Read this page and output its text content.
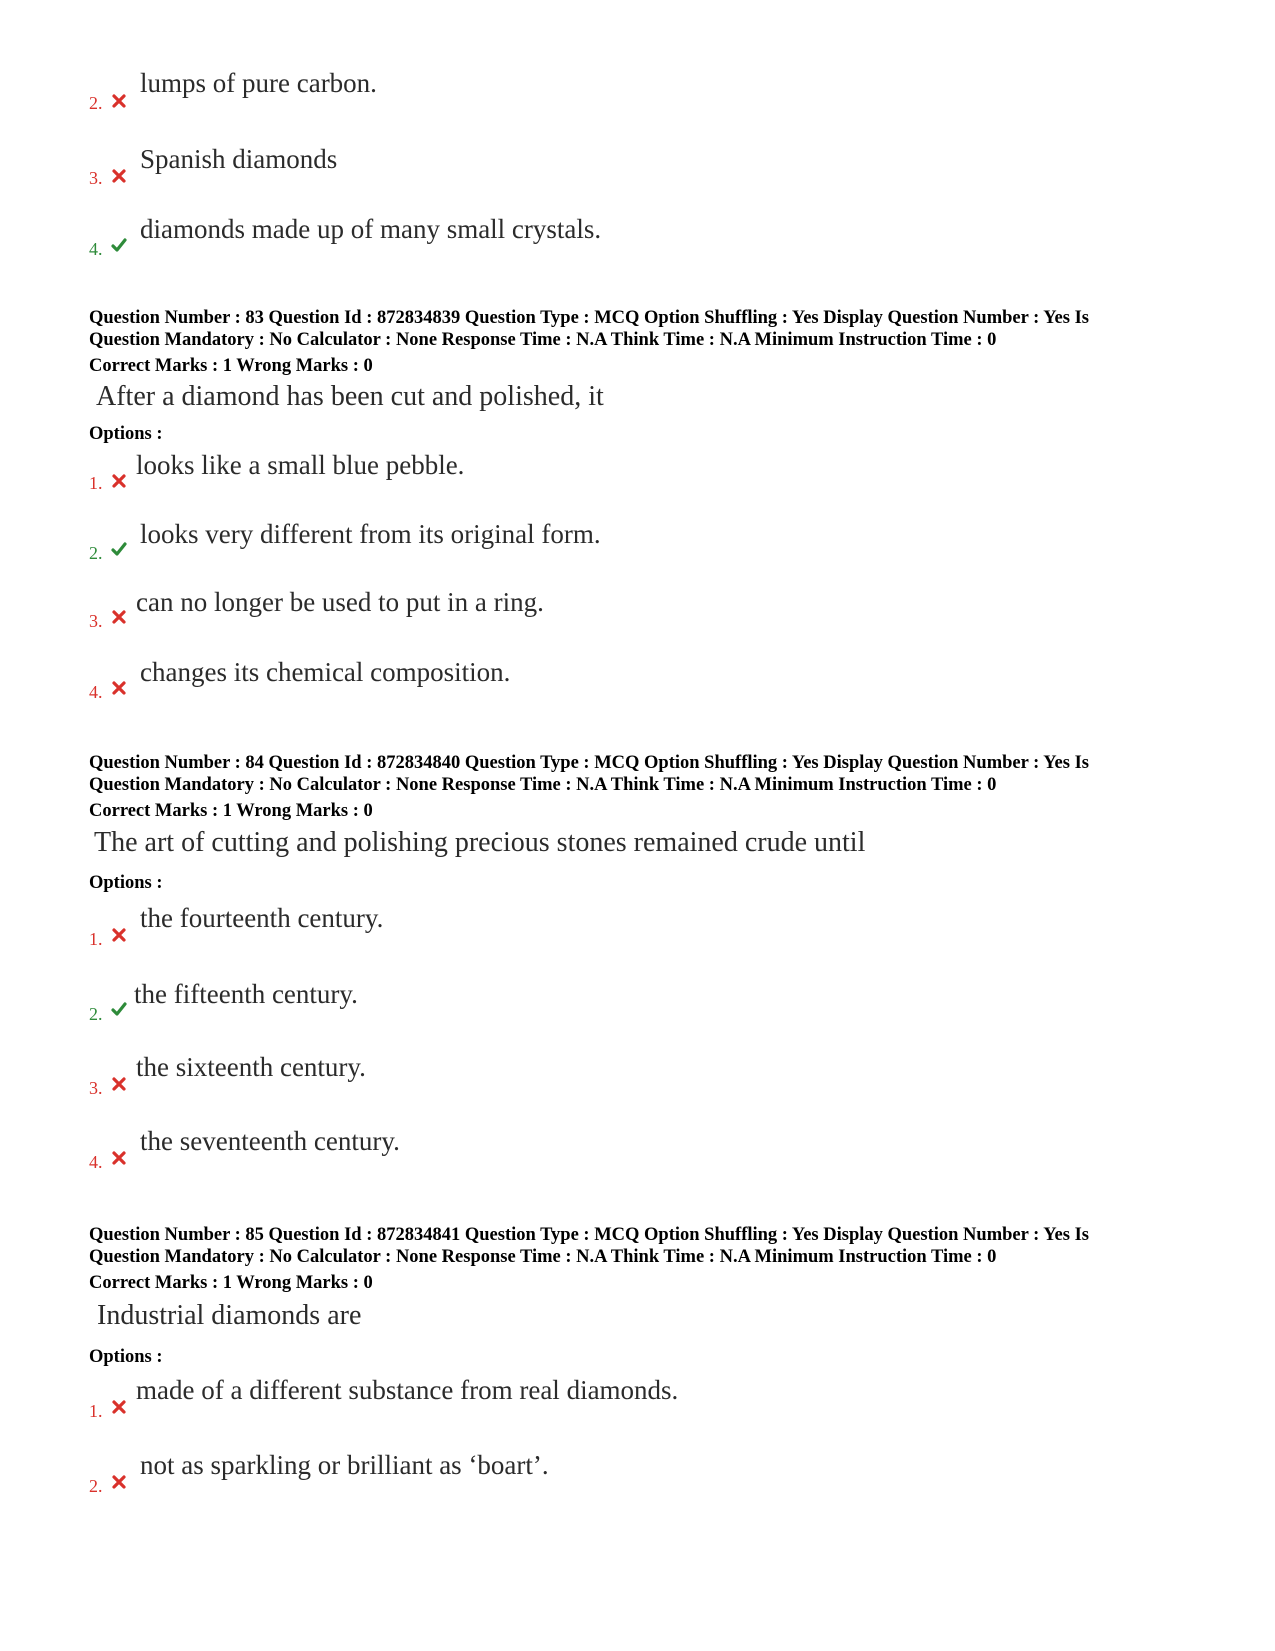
2.
lumps of pure carbon.
3.
Spanish diamonds
4.
diamonds made up of many small crystals.
Question Number : 83 Question Id : 872834839 Question Type : MCQ Option Shuffling : Yes Display Question Number : Yes Is
Question Mandatory : No Calculator : None Response Time : N.A Think Time : N.A Minimum Instruction Time : 0
Correct Marks : 1 Wrong Marks : 0
After a diamond has been cut and polished, it
Options :
1.
looks like a small blue pebble.
2.
looks very different from its original form.
3.
can no longer be used to put in a ring.
4.
changes its chemical composition.
Question Number : 84 Question Id : 872834840 Question Type : MCQ Option Shuffling : Yes Display Question Number : Yes Is
Question Mandatory : No Calculator : None Response Time : N.A Think Time : N.A Minimum Instruction Time : 0
Correct Marks : 1 Wrong Marks : 0
The art of cutting and polishing precious stones remained crude until
Options :
1.
the fourteenth century.
2.
the fifteenth century.
3.
the sixteenth century.
4.
the seventeenth century.
Question Number : 85 Question Id : 872834841 Question Type : MCQ Option Shuffling : Yes Display Question Number : Yes Is
Question Mandatory : No Calculator : None Response Time : N.A Think Time : N.A Minimum Instruction Time : 0
Correct Marks : 1 Wrong Marks : 0
Industrial diamonds are
Options :
1.
made of a different substance from real diamonds.
2.
not as sparkling or brilliant as ‘boart’.
